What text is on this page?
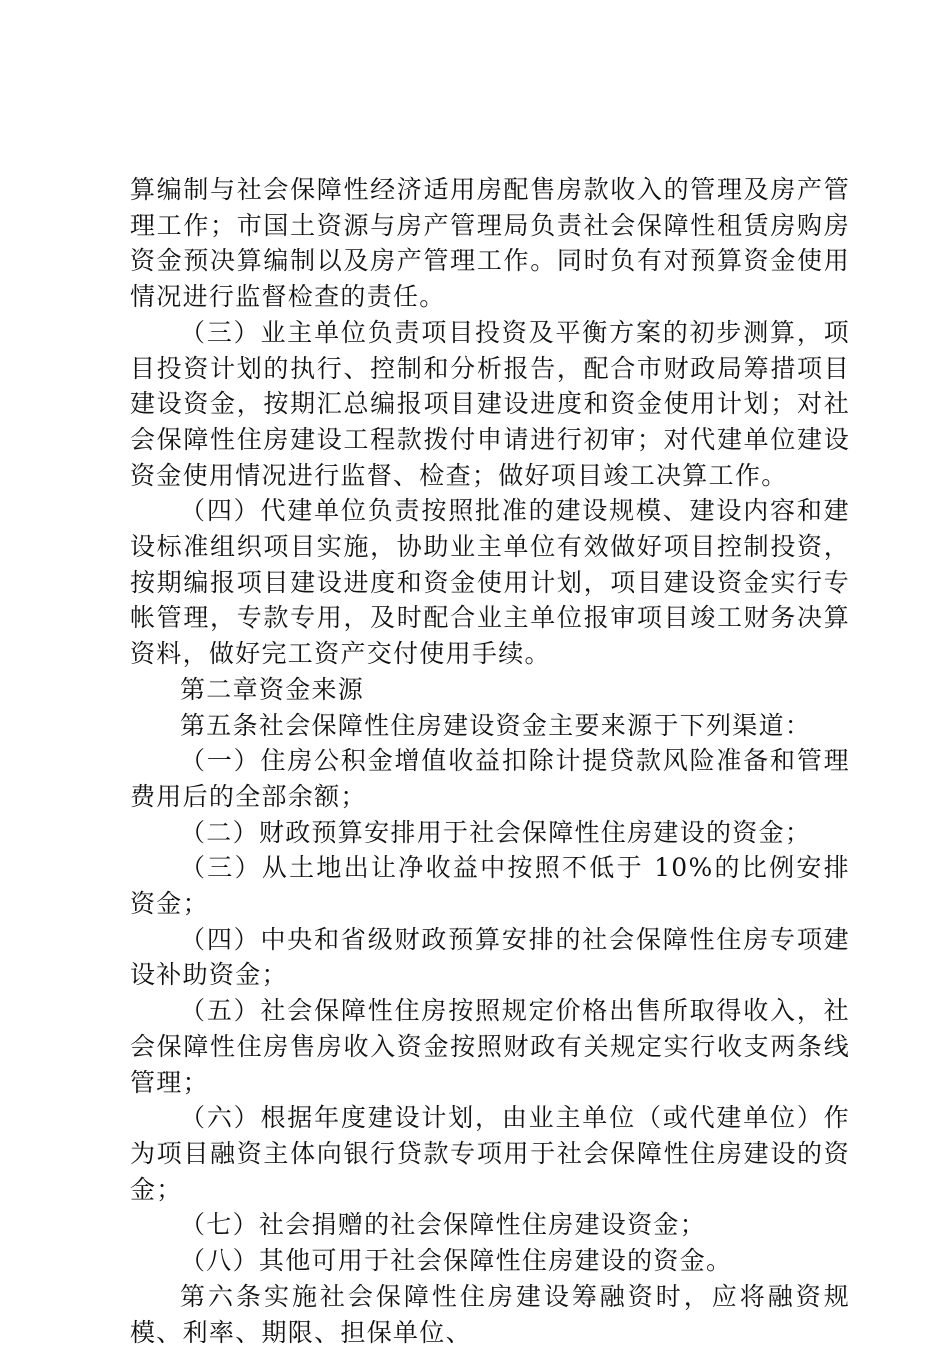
算编制与社会保障性经济适用房配售房款收入的管理及房产管理工作；市国土资源与房产管理局负责社会保障性租赁房购房资金预决算编制以及房产管理工作。同时负有对预算资金使用情况进行监督检查的责任。

（三）业主单位负责项目投资及平衡方案的初步测算，项目投资计划的执行、控制和分析报告，配合市财政局筹措项目建设资金，按期汇总编报项目建设进度和资金使用计划；对社会保障性住房建设工程款拨付申请进行初审；对代建单位建设资金使用情况进行监督、检查；做好项目竣工决算工作。

（四）代建单位负责按照批准的建设规模、建设内容和建设标准组织项目实施，协助业主单位有效做好项目控制投资，按期编报项目建设进度和资金使用计划，项目建设资金实行专帐管理，专款专用，及时配合业主单位报审项目竣工财务决算资料，做好完工资产交付使用手续。

第二章资金来源

第五条社会保障性住房建设资金主要来源于下列渠道：

（一）住房公积金增值收益扣除计提贷款风险准备和管理费用后的全部余额；

（二）财政预算安排用于社会保障性住房建设的资金；

（三）从土地出让净收益中按照不低于 10%的比例安排资金；

（四）中央和省级财政预算安排的社会保障性住房专项建设补助资金；

（五）社会保障性住房按照规定价格出售所取得收入，社会保障性住房售房收入资金按照财政有关规定实行收支两条线管理；

（六）根据年度建设计划，由业主单位（或代建单位）作为项目融资主体向银行贷款专项用于社会保障性住房建设的资金；

（七）社会捐赠的社会保障性住房建设资金；

（八）其他可用于社会保障性住房建设的资金。

第六条实施社会保障性住房建设筹融资时，应将融资规模、利率、期限、担保单位、
